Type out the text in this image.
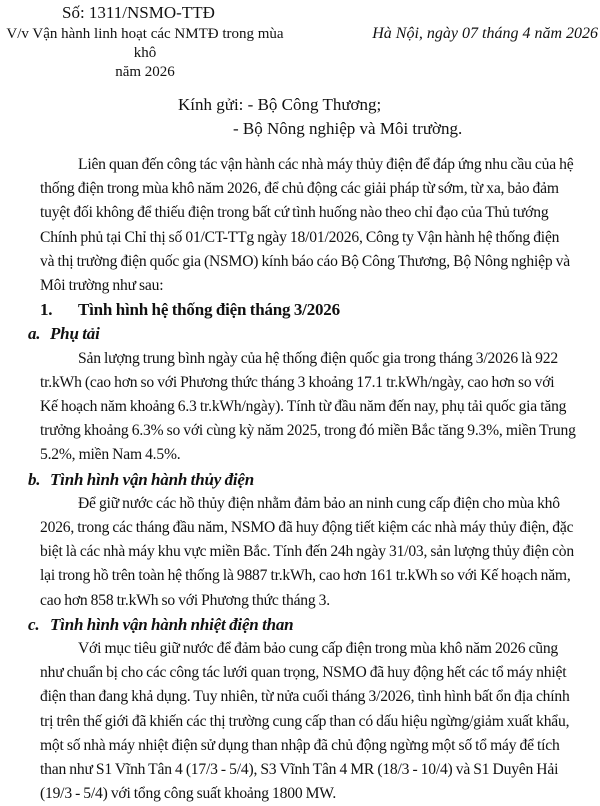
Số: 1311/NSMO-TTĐ
V/v Vận hành linh hoạt các NMTĐ trong mùa khô
năm 2026
Hà Nội, ngày 07 tháng 4 năm 2026
Kính gửi: - Bộ Công Thương;
- Bộ Nông nghiệp và Môi trường.
Liên quan đến công tác vận hành các nhà máy thủy điện để đáp ứng nhu cầu của hệ
thống điện trong mùa khô năm 2026, để chủ động các giải pháp từ sớm, từ xa, bảo đảm
tuyệt đối không để thiếu điện trong bất cứ tình huống nào theo chỉ đạo của Thủ tướng
Chính phủ tại Chỉ thị số 01/CT-TTg ngày 18/01/2026, Công ty Vận hành hệ thống điện
và thị trường điện quốc gia (NSMO) kính báo cáo Bộ Công Thương, Bộ Nông nghiệp và
Môi trường như sau:
1. Tình hình hệ thống điện tháng 3/2026
a. Phụ tải
Sản lượng trung bình ngày của hệ thống điện quốc gia trong tháng 3/2026 là 922
tr.kWh (cao hơn so với Phương thức tháng 3 khoảng 17.1 tr.kWh/ngày, cao hơn so với
Kế hoạch năm khoảng 6.3 tr.kWh/ngày). Tính từ đầu năm đến nay, phụ tải quốc gia tăng
trưởng khoảng 6.3% so với cùng kỳ năm 2025, trong đó miền Bắc tăng 9.3%, miền Trung
5.2%, miền Nam 4.5%.
b. Tình hình vận hành thủy điện
Để giữ nước các hồ thủy điện nhằm đảm bảo an ninh cung cấp điện cho mùa khô
2026, trong các tháng đầu năm, NSMO đã huy động tiết kiệm các nhà máy thủy điện, đặc
biệt là các nhà máy khu vực miền Bắc. Tính đến 24h ngày 31/03, sản lượng thủy điện còn
lại trong hồ trên toàn hệ thống là 9887 tr.kWh, cao hơn 161 tr.kWh so với Kế hoạch năm,
cao hơn 858 tr.kWh so với Phương thức tháng 3.
c. Tình hình vận hành nhiệt điện than
Với mục tiêu giữ nước để đảm bảo cung cấp điện trong mùa khô năm 2026 cũng
như chuẩn bị cho các công tác lưới quan trọng, NSMO đã huy động hết các tổ máy nhiệt
điện than đang khả dụng. Tuy nhiên, từ nửa cuối tháng 3/2026, tình hình bất ổn địa chính
trị trên thế giới đã khiến các thị trường cung cấp than có dấu hiệu ngừng/giảm xuất khẩu,
một số nhà máy nhiệt điện sử dụng than nhập đã chủ động ngừng một số tổ máy để tích
than như S1 Vĩnh Tân 4 (17/3 - 5/4), S3 Vĩnh Tân 4 MR (18/3 - 10/4) và S1 Duyên Hải
(19/3 - 5/4) với tổng công suất khoảng 1800 MW.
